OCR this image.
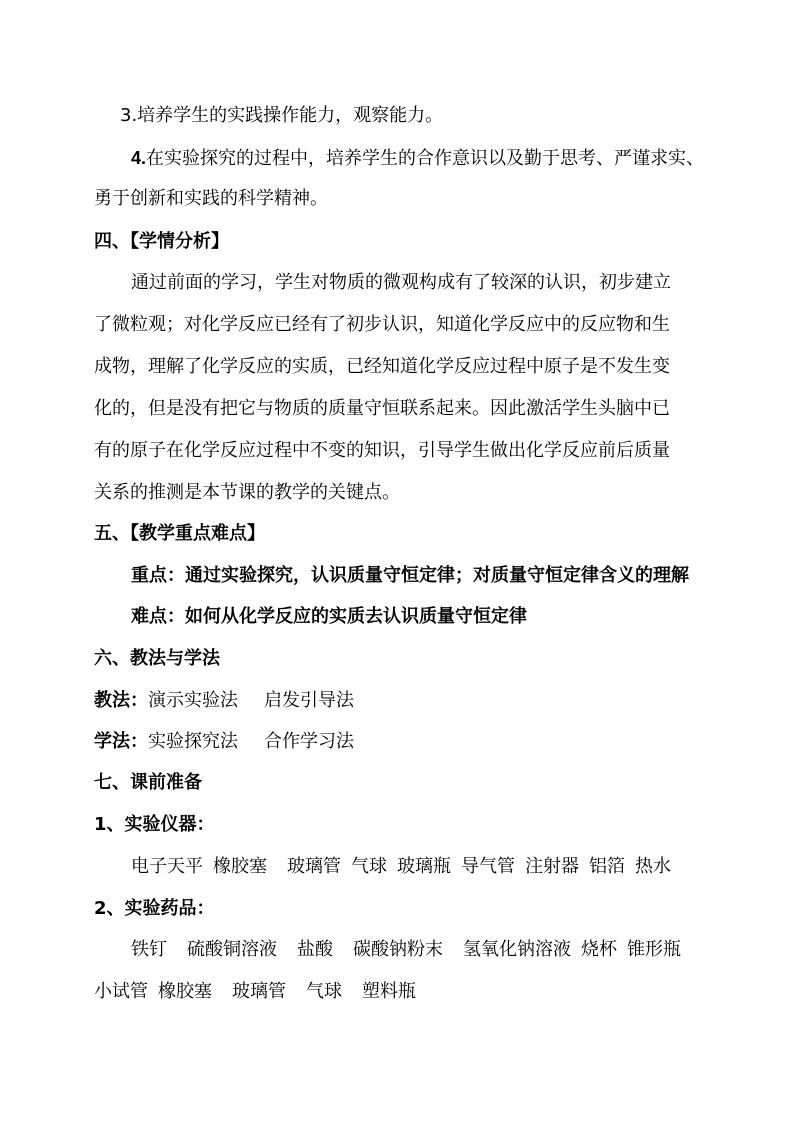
3.培养学生的实践操作能力，观察能力。
4.在实验探究的过程中，培养学生的合作意识以及勤于思考、严谨求实、
勇于创新和实践的科学精神。
四、【学情分析】
通过前面的学习，学生对物质的微观构成有了较深的认识，初步建立
了微粒观；对化学反应已经有了初步认识，知道化学反应中的反应物和生
成物，理解了化学反应的实质，已经知道化学反应过程中原子是不发生变
化的，但是没有把它与物质的质量守恒联系起来。因此激活学生头脑中已
有的原子在化学反应过程中不变的知识，引导学生做出化学反应前后质量
关系的推测是本节课的教学的关键点。
五、【教学重点难点】
重点：通过实验探究，认识质量守恒定律；对质量守恒定律含义的理解
难点：如何从化学反应的实质去认识质量守恒定律
六、教法与学法
教法：演示实验法 启发引导法
学法：实验探究法 合作学习法
七、课前准备
1、实验仪器：
电子天平 橡胶塞 玻璃管 气球 玻璃瓶 导气管 注射器 铝箔 热水
2、实验药品：
铁钉 硫酸铜溶液 盐酸 碳酸钠粉末 氢氧化钠溶液 烧杯 锥形瓶
小试管 橡胶塞 玻璃管 气球 塑料瓶
